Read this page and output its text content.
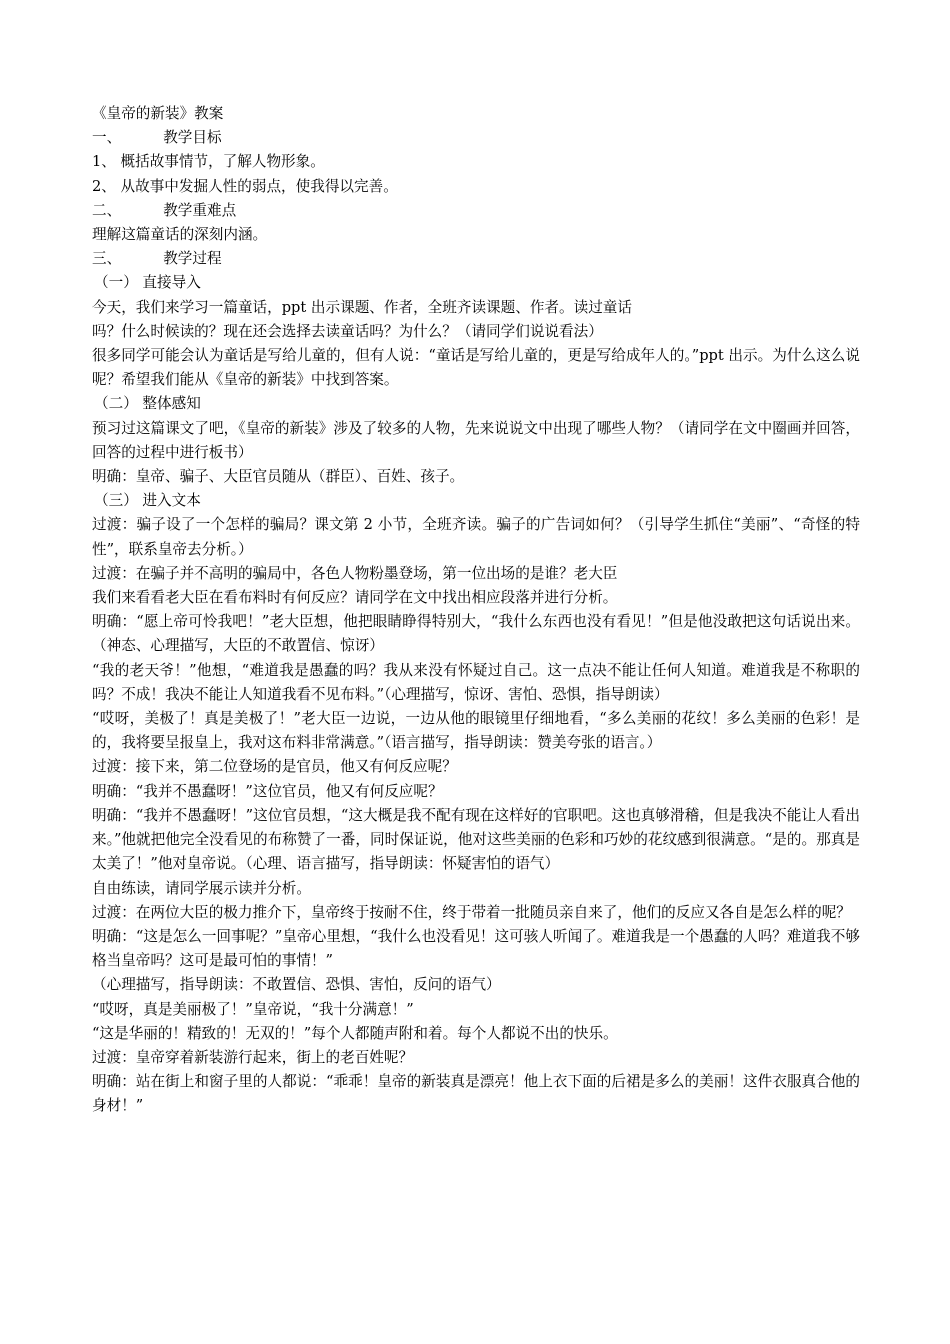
《皇帝的新装》教案
一、	教学目标
1、 概括故事情节，了解人物形象。
2、 从故事中发掘人性的弱点，使我得以完善。
二、	教学重难点
理解这篇童话的深刻内涵。
三、	教学过程
（一） 直接导入
今天，我们来学习一篇童话，ppt 出示课题、作者，全班齐读课题、作者。读过童话
吗？什么时候读的？现在还会选择去读童话吗？为什么？（请同学们说说看法）
很多同学可能会认为童话是写给儿童的，但有人说：“童话是写给儿童的，更是写给成年人的。”ppt 出示。为什么这么说呢？希望我们能从《皇帝的新装》中找到答案。
（二） 整体感知
预习过这篇课文了吧，《皇帝的新装》涉及了较多的人物，先来说说文中出现了哪些人物？（请同学在文中圈画并回答，回答的过程中进行板书）
明确：皇帝、骗子、大臣官员随从（群臣）、百姓、孩子。
（三） 进入文本
过渡：骗子设了一个怎样的骗局？课文第 2 小节，全班齐读。骗子的广告词如何？（引导学生抓住“美丽”、“奇怪的特性”，联系皇帝去分析。）
过渡：在骗子并不高明的骗局中，各色人物粉墨登场，第一位出场的是谁？老大臣
我们来看看老大臣在看布料时有何反应？请同学在文中找出相应段落并进行分析。
明确：“愿上帝可怜我吧！”老大臣想，他把眼睛睁得特别大，“我什么东西也没有看见！”但是他没敢把这句话说出来。（神态、心理描写，大臣的不敢置信、惊讶）
“我的老天爷！”他想，“难道我是愚蠢的吗？我从来没有怀疑过自己。这一点决不能让任何人知道。难道我是不称职的吗？不成！我决不能让人知道我看不见布料。”（心理描写，惊讶、害怕、恐惧，指导朗读）
“哎呀，美极了！真是美极了！”老大臣一边说，一边从他的眼镜里仔细地看，“多么美丽的花纹！多么美丽的色彩！是的，我将要呈报皇上，我对这布料非常满意。”（语言描写，指导朗读：赞美夸张的语言。）
过渡：接下来，第二位登场的是官员，他又有何反应呢？
明确：“我并不愚蠢呀！”这位官员，他又有何反应呢？
明确：“我并不愚蠢呀！”这位官员想，“这大概是我不配有现在这样好的官职吧。这也真够滑稽，但是我决不能让人看出来。”他就把他完全没看见的布称赞了一番，同时保证说，他对这些美丽的色彩和巧妙的花纹感到很满意。“是的。那真是太美了！”他对皇帝说。（心理、语言描写，指导朗读：怀疑害怕的语气）
自由练读，请同学展示读并分析。
过渡：在两位大臣的极力推介下，皇帝终于按耐不住，终于带着一批随员亲自来了，他们的反应又各自是怎么样的呢？
明确：“这是怎么一回事呢？”皇帝心里想，“我什么也没看见！这可骇人听闻了。难道我是一个愚蠢的人吗？难道我不够格当皇帝吗？这可是最可怕的事情！”
（心理描写，指导朗读：不敢置信、恐惧、害怕，反问的语气）
“哎呀，真是美丽极了！”皇帝说，“我十分满意！”
“这是华丽的！精致的！无双的！”每个人都随声附和着。每个人都说不出的快乐。
过渡：皇帝穿着新装游行起来，街上的老百姓呢？
明确：站在街上和窗子里的人都说：“乖乖！皇帝的新装真是漂亮！他上衣下面的后裙是多么的美丽！这件衣服真合他的身材！”
